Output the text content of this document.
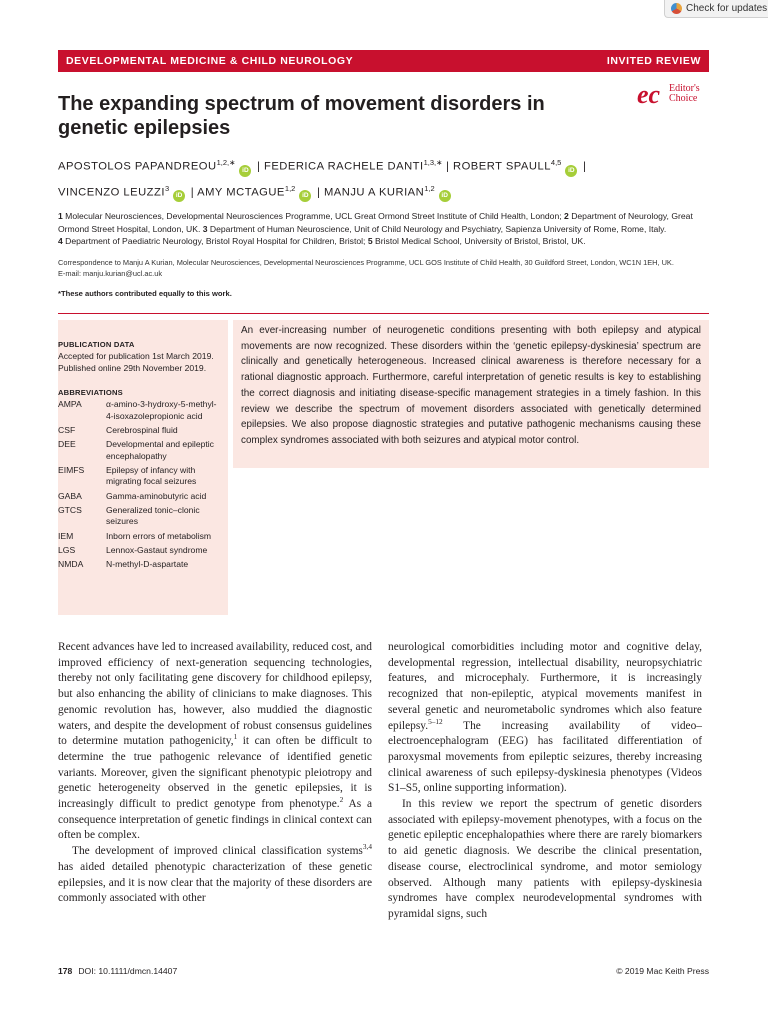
Check for updates
DEVELOPMENTAL MEDICINE & CHILD NEUROLOGY	INVITED REVIEW
ec Editor's
Choice
The expanding spectrum of movement disorders in genetic epilepsies
APOSTOLOS $PAPANDREOU^{1,2,∗}iD$ | FEDERICA RACHELE $DANTI^{1,3,∗}$ | ROBERT SPAULL$^{4,5}$iD |
VINCENZO LEUZZI$^3$iD | AMY MCTAGUE$^{1,2}$iD | MANJU A KURIAN$^{1,2}$iD
1 Molecular Neurosciences, Developmental Neurosciences Programme, UCL Great Ormond Street Institute of Child Health, London; 2 Department of Neurology, Great Ormond Street Hospital, London, UK. 3 Department of Human Neuroscience, Unit of Child Neurology and Psychiatry, Sapienza University of Rome, Rome, Italy.
4 Department of Paediatric Neurology, Bristol Royal Hospital for Children, Bristol; 5 Bristol Medical School, University of Bristol, Bristol, UK.
Correspondence to Manju A Kurian, Molecular Neurosciences, Developmental Neurosciences Programme, UCL GOS Institute of Child Health, 30 Guildford Street, London, WC1N 1EH, UK.
E-mail: manju.kurian@ucl.ac.uk
*These authors contributed equally to this work.
PUBLICATION DATA

Accepted for publication 1st March 2019.

Published online 29th November 2019.

ABBREVIATIONS
AMPA	α-amino-3-hydroxy-5-methyl-4-isoxazolepropionic acid
CSF	Cerebrospinal fluid
DEE	Developmental and epileptic encephalopathy
EIMFS	Epilepsy of infancy with migrating focal seizures
GABA	Gamma-aminobutyric acid
GTCS	Generalized tonic–clonic seizures
IEM	Inborn errors of metabolism
LGS	Lennox-Gastaut syndrome
NMDA	N-methyl-D-aspartate

An ever-increasing number of neurogenetic conditions presenting with both epilepsy and atypical movements are now recognized. These disorders within the ‘genetic epilepsy-dyskinesia’ spectrum are clinically and genetically heterogeneous. Increased clinical awareness is therefore necessary for a rational diagnostic approach. Furthermore, careful interpretation of genetic results is key to establishing the correct diagnosis and initiating disease-specific management strategies in a timely fashion. In this review we describe the spectrum of movement disorders associated with genetically determined epilepsies. We also propose diagnostic strategies and putative pathogenic mechanisms causing these complex syndromes associated with both seizures and atypical motor control.

Recent advances have led to increased availability, reduced cost, and improved efficiency of next-generation sequencing technologies, thereby not only facilitating gene discovery for childhood epilepsy, but also enhancing the ability of clinicians to make diagnoses. This genomic revolution has, however, also muddied the diagnostic waters, and despite the development of robust consensus guidelines to determine mutation pathogenicity,$^1$ it can often be difficult to determine the true pathogenic relevance of identified genetic variants. Moreover, given the significant phenotypic pleiotropy and genetic heterogeneity observed in the genetic epilepsies, it is increasingly difficult to predict genotype from phenotype.$^2$ As a consequence interpretation of genetic findings in clinical context can often be complex.

The development of improved clinical classification systems$^{3,4}$ has aided detailed phenotypic characterization of these genetic epilepsies, and it is now clear that the majority of these disorders are commonly associated with other

neurological comorbidities including motor and cognitive delay, developmental regression, intellectual disability, neuropsychiatric features, and microcephaly. Furthermore, it is increasingly recognized that non-epileptic, atypical movements manifest in several genetic and neurometabolic syndromes which also feature epilepsy.$^{5-12}$ The increasing availability of video–electroencephalogram (EEG) has facilitated differentiation of paroxysmal movements from epileptic seizures, thereby increasing clinical awareness of such epilepsy-dyskinesia phenotypes (Videos S1–S5, online supporting information).

In this review we report the spectrum of genetic disorders associated with epilepsy-movement phenotypes, with a focus on the genetic epileptic encephalopathies where there are rarely biomarkers to aid genetic diagnosis. We describe the clinical presentation, disease course, electroclinical syndrome, and motor semiology observed. Although many patients with epilepsy-dyskinesia syndromes have complex neurodevelopmental syndromes with pyramidal signs, such

178 DOI: 10.1111/dmcn.14407	© 2019 Mac Keith Press
